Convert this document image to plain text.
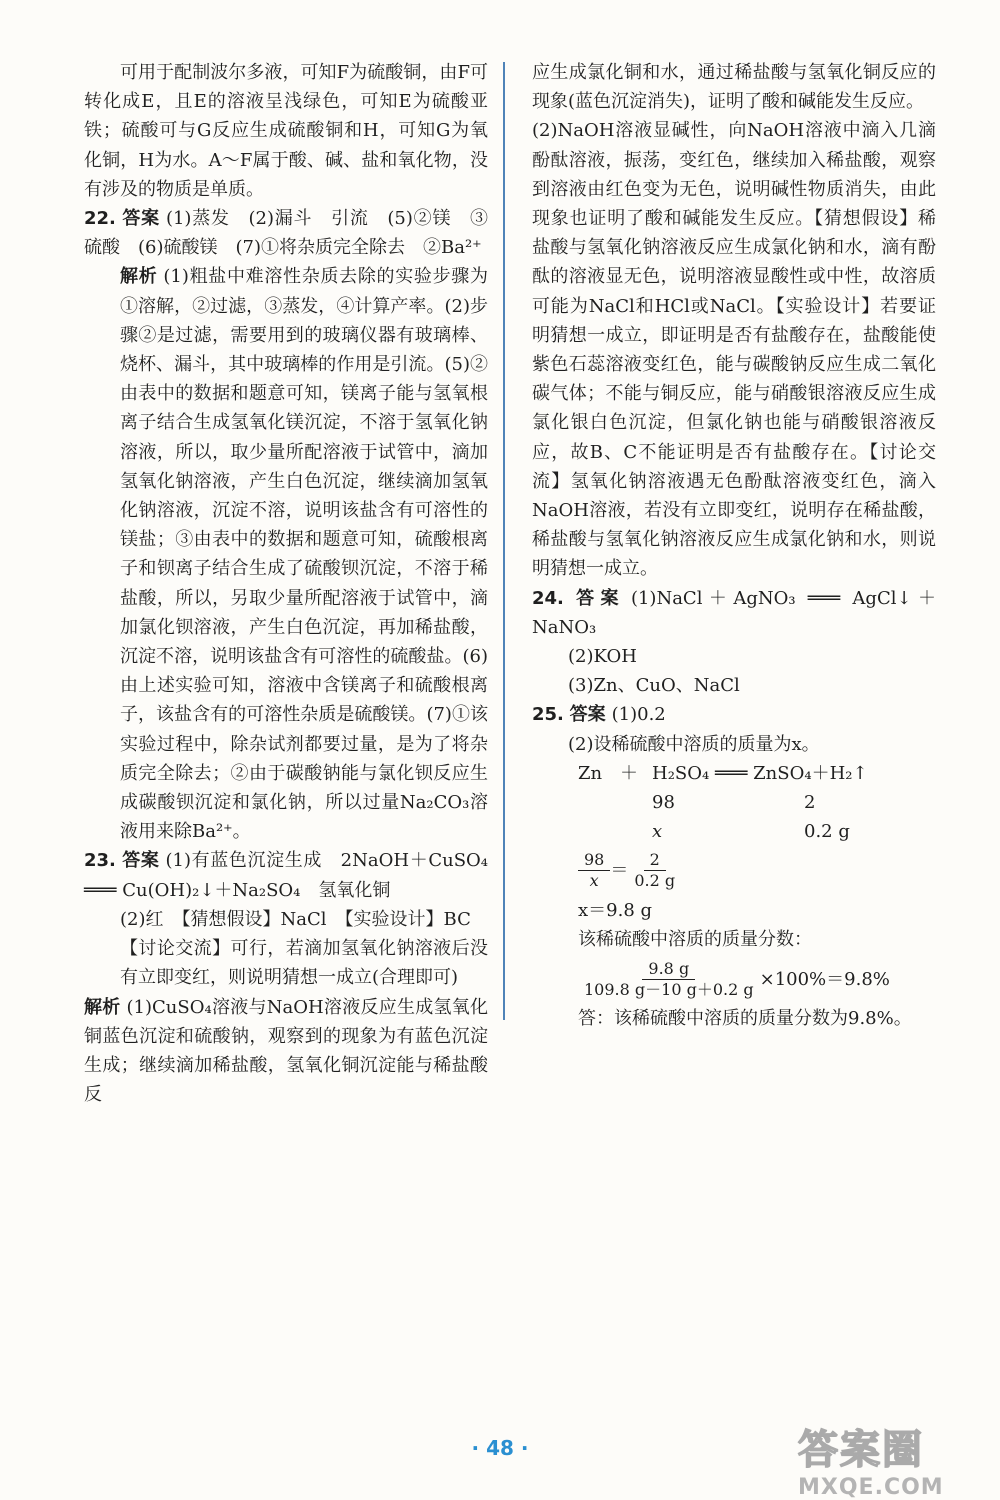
可用于配制波尔多液，可知F为硫酸铜，由F可转化成E，且E的溶液呈浅绿色，可知E为硫酸亚铁；硫酸可与G反应生成硫酸铜和H，可知G为氧化铜，H为水。A～F属于酸、碱、盐和氧化物，没有涉及的物质是单质。

22. 答案 (1)蒸发　(2)漏斗　引流　(5)②镁　③硫酸　(6)硫酸镁　(7)①将杂质完全除去　②Ba²⁺

解析 (1)粗盐中难溶性杂质去除的实验步骤为①溶解，②过滤，③蒸发，④计算产率。(2)步骤②是过滤，需要用到的玻璃仪器有玻璃棒、烧杯、漏斗，其中玻璃棒的作用是引流。(5)②由表中的数据和题意可知，镁离子能与氢氧根离子结合生成氢氧化镁沉淀，不溶于氢氧化钠溶液，所以，取少量所配溶液于试管中，滴加氢氧化钠溶液，产生白色沉淀，继续滴加氢氧化钠溶液，沉淀不溶，说明该盐含有可溶性的镁盐；③由表中的数据和题意可知，硫酸根离子和钡离子结合生成了硫酸钡沉淀，不溶于稀盐酸，所以，另取少量所配溶液于试管中，滴加氯化钡溶液，产生白色沉淀，再加稀盐酸，沉淀不溶，说明该盐含有可溶性的硫酸盐。(6)由上述实验可知，溶液中含镁离子和硫酸根离子，该盐含有的可溶性杂质是硫酸镁。(7)①该实验过程中，除杂试剂都要过量，是为了将杂质完全除去；②由于碳酸钠能与氯化钡反应生成碳酸钡沉淀和氯化钠，所以过量Na₂CO₃溶液用来除Ba²⁺。

23. 答案 (1)有蓝色沉淀生成　2NaOH＋CuSO₄ ═══ Cu(OH)₂↓＋Na₂SO₄　氢氧化铜

(2)红　【猜想假设】NaCl　【实验设计】BC

【讨论交流】可行，若滴加氢氧化钠溶液后没有立即变红，则说明猜想一成立(合理即可)

解析 (1)CuSO₄溶液与NaOH溶液反应生成氢氧化铜蓝色沉淀和硫酸钠，观察到的现象为有蓝色沉淀生成；继续滴加稀盐酸，氢氧化铜沉淀能与稀盐酸反

应生成氯化铜和水，通过稀盐酸与氢氧化铜反应的现象(蓝色沉淀消失)，证明了酸和碱能发生反应。

(2)NaOH溶液显碱性，向NaOH溶液中滴入几滴酚酞溶液，振荡，变红色，继续加入稀盐酸，观察到溶液由红色变为无色，说明碱性物质消失，由此现象也证明了酸和碱能发生反应。【猜想假设】稀盐酸与氢氧化钠溶液反应生成氯化钠和水，滴有酚酞的溶液显无色，说明溶液显酸性或中性，故溶质可能为NaCl和HCl或NaCl。【实验设计】若要证明猜想一成立，即证明是否有盐酸存在，盐酸能使紫色石蕊溶液变红色，能与碳酸钠反应生成二氧化碳气体；不能与铜反应，能与硝酸银溶液反应生成氯化银白色沉淀，但氯化钠也能与硝酸银溶液反应，故B、C不能证明是否有盐酸存在。【讨论交流】氢氧化钠溶液遇无色酚酞溶液变红色，滴入NaOH溶液，若没有立即变红，说明存在稀盐酸，稀盐酸与氢氧化钠溶液反应生成氯化钠和水，则说明猜想一成立。

24. 答案 (1)NaCl＋AgNO₃ ═══ AgCl↓＋NaNO₃

(2)KOH

(3)Zn、CuO、NaCl

25. 答案 (1)0.2

(2)设稀硫酸中溶质的质量为x。

Zn ＋ H₂SO₄ ═══ ZnSO₄＋H₂↑
98	2
x	0.2 g
$\frac{98}{x} = \frac{2}{0.2 g}$

x＝9.8 g

该稀硫酸中溶质的质量分数：

$\frac{9.8 g}{109.8 g-10 g+0.2 g} \times 100\%=9.8\%$

答：该稀硫酸中溶质的质量分数为9.8%。

· 48 ·	答案圈
MXQE.COM
